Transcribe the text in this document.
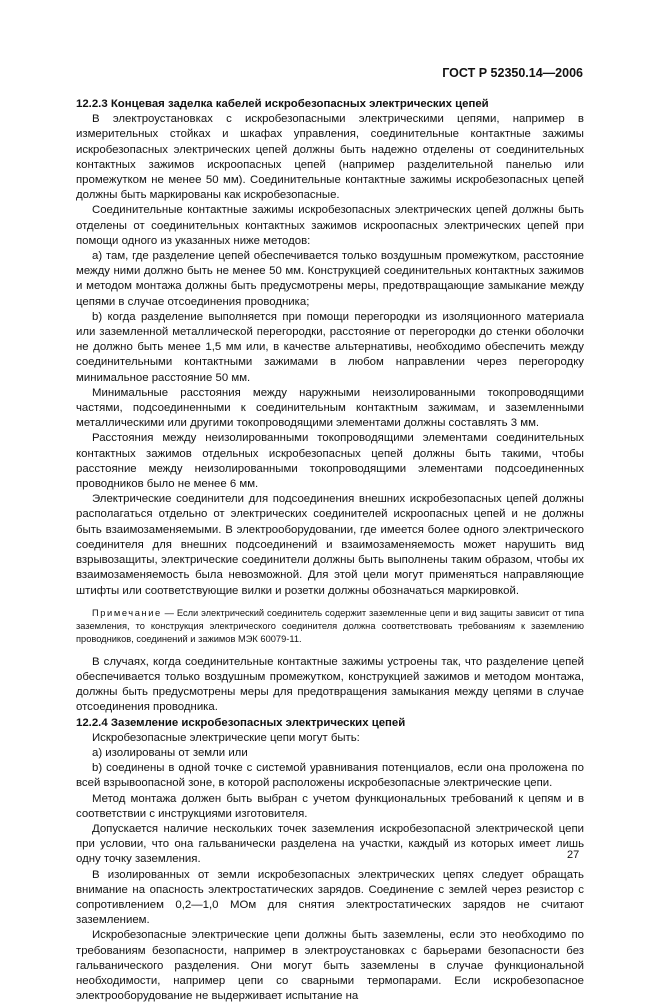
ГОСТ Р 52350.14—2006
12.2.3 Концевая заделка кабелей искробезопасных электрических цепей

В электроустановках с искробезопасными электрическими цепями, например в измерительных стойках и шкафах управления, соединительные контактные зажимы искробезопасных электрических цепей должны быть надежно отделены от соединительных контактных зажимов искроопасных цепей (например разделительной панелью или промежутком не менее 50 мм). Соединительные контактные зажимы искробезопасных цепей должны быть маркированы как искробезопасные.

Соединительные контактные зажимы искробезопасных электрических цепей должны быть отделены от соединительных контактных зажимов искроопасных электрических цепей при помощи одного из указанных ниже методов:

а) там, где разделение цепей обеспечивается только воздушным промежутком, расстояние между ними должно быть не менее 50 мм. Конструкцией соединительных контактных зажимов и методом монтажа должны быть предусмотрены меры, предотвращающие замыкание между цепями в случае отсоединения проводника;

b) когда разделение выполняется при помощи перегородки из изоляционного материала или заземленной металлической перегородки, расстояние от перегородки до стенки оболочки не должно быть менее 1,5 мм или, в качестве альтернативы, необходимо обеспечить между соединительными контактными зажимами в любом направлении через перегородку минимальное расстояние 50 мм.

Минимальные расстояния между наружными неизолированными токопроводящими частями, подсоединенными к соединительным контактным зажимам, и заземленными металлическими или другими токопроводящими элементами должны составлять 3 мм.

Расстояния между неизолированными токопроводящими элементами соединительных контактных зажимов отдельных искробезопасных цепей должны быть такими, чтобы расстояние между неизолированными токопроводящими элементами подсоединенных проводников было не менее 6 мм.

Электрические соединители для подсоединения внешних искробезопасных цепей должны располагаться отдельно от электрических соединителей искроопасных цепей и не должны быть взаимозаменяемыми. В электрооборудовании, где имеется более одного электрического соединителя для внешних подсоединений и взаимозаменяемость может нарушить вид взрывозащиты, электрические соединители должны быть выполнены таким образом, чтобы их взаимозаменяемость была невозможной. Для этой цели могут применяться направляющие штифты или соответствующие вилки и розетки должны обозначаться маркировкой.

Примечание — Если электрический соединитель содержит заземленные цепи и вид защиты зависит от типа заземления, то конструкция электрического соединителя должна соответствовать требованиям к заземлению проводников, соединений и зажимов МЭК 60079-11.

В случаях, когда соединительные контактные зажимы устроены так, что разделение цепей обеспечивается только воздушным промежутком, конструкцией зажимов и методом монтажа, должны быть предусмотрены меры для предотвращения замыкания между цепями в случае отсоединения проводника.

12.2.4 Заземление искробезопасных электрических цепей

Искробезопасные электрические цепи могут быть:

а) изолированы от земли или

b) соединены в одной точке с системой уравнивания потенциалов, если она проложена по всей взрывоопасной зоне, в которой расположены искробезопасные электрические цепи.

Метод монтажа должен быть выбран с учетом функциональных требований к цепям и в соответствии с инструкциями изготовителя.

Допускается наличие нескольких точек заземления искробезопасной электрической цепи при условии, что она гальванически разделена на участки, каждый из которых имеет лишь одну точку заземления.

В изолированных от земли искробезопасных электрических цепях следует обращать внимание на опасность электростатических зарядов. Соединение с землей через резистор с сопротивлением 0,2—1,0 МОм для снятия электростатических зарядов не считают заземлением.

Искробезопасные электрические цепи должны быть заземлены, если это необходимо по требованиям безопасности, например в электроустановках с барьерами безопасности без гальванического разделения. Они могут быть заземлены в случае функциональной необходимости, например цепи со сварными термопарами. Если искробезопасное электрооборудование не выдерживает испытание на

27
